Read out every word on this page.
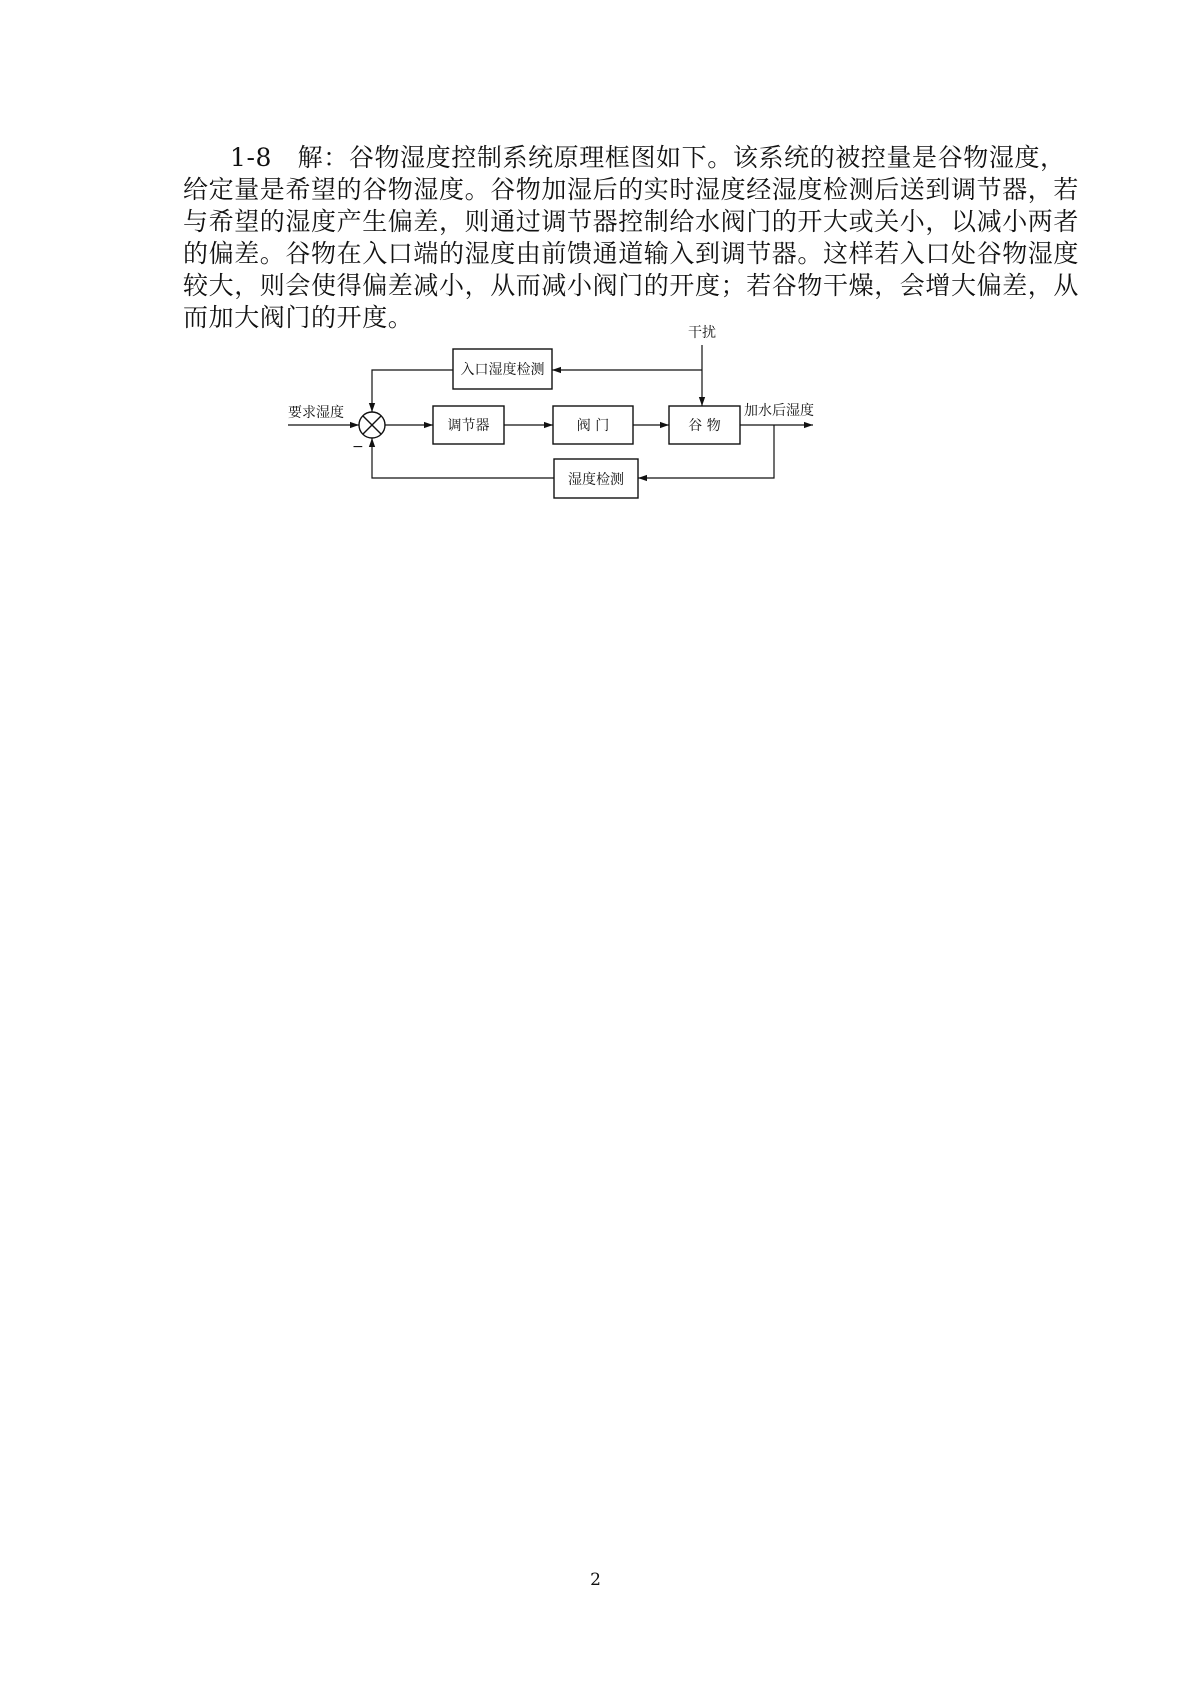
1-8　解：谷物湿度控制系统原理框图如下。该系统的被控量是谷物湿度，
给定量是希望的谷物湿度。谷物加湿后的实时湿度经湿度检测后送到调节器，若
与希望的湿度产生偏差，则通过调节器控制给水阀门的开大或关小，以减小两者
的偏差。谷物在入口端的湿度由前馈通道输入到调节器。这样若入口处谷物湿度
较大，则会使得偏差减小，从而减小阀门的开度；若谷物干燥，会增大偏差，从
而加大阀门的开度。
要求湿度
−
调节器	阀 门	谷 物
加水后湿度
干扰
入口湿度检测
湿度检测
2
